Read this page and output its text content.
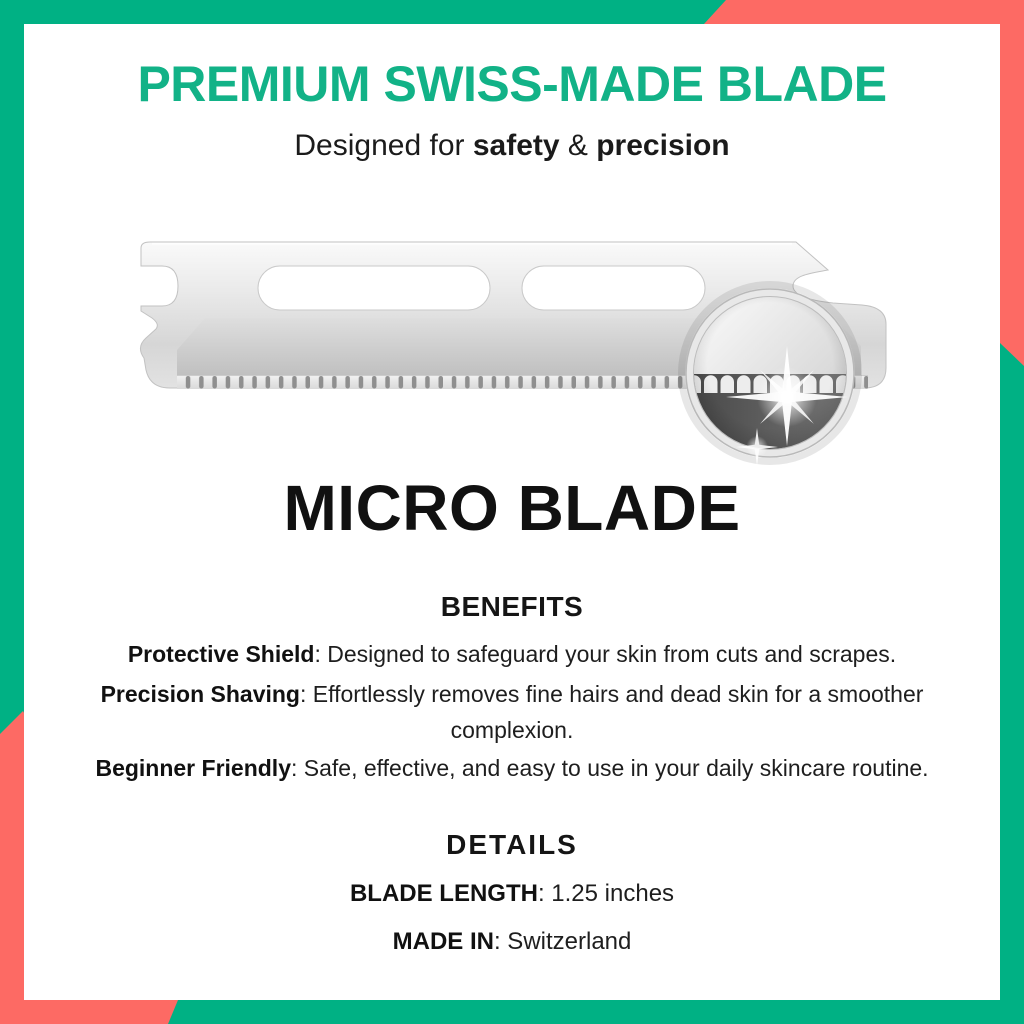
PREMIUM SWISS-MADE BLADE
Designed for safety & precision
MICRO BLADE
BENEFITS

Protective Shield: Designed to safeguard your skin from cuts and scrapes.

Precision Shaving: Effortlessly removes fine hairs and dead skin for a smoother complexion.

Beginner Friendly: Safe, effective, and easy to use in your daily skincare routine.

DETAILS

BLADE LENGTH: 1.25 inches

MADE IN: Switzerland
